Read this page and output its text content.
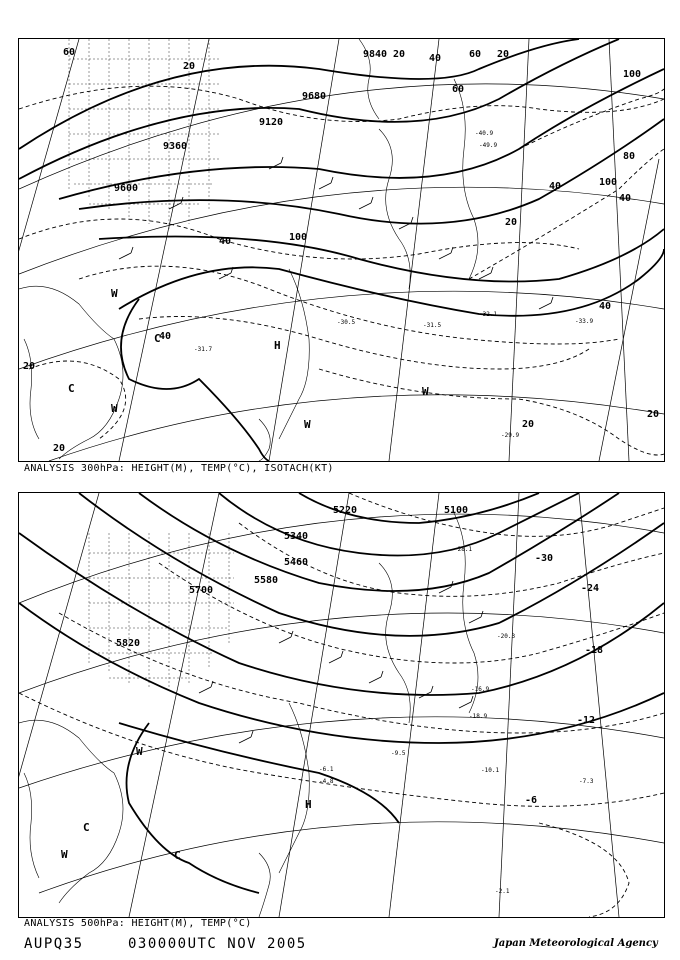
9840
9600
9120
9360
9680
60
20
20 40	60 20
80
100
40
20
40
100
100
40
60
20
20
20
20
40
40
-40.9
-49.9
-32.1
-33.9
-31.5
-30.5
-31.7
-29.9
W
C
C
W
H
W
W
ANALYSIS 300hPa: HEIGHT(M), TEMP(°C), ISOTACH(KT)
5220	5100
5340
5460
5580
5700
5820
-30
-24
-18
-12
-6
-28.1
-20.3
-16.9
-18.9
-10.1
-7.3
-2.1
-9.5
-6.1
-4.8
W
H
C
C
W
ANALYSIS 500hPa: HEIGHT(M), TEMP(°C)
AUPQ35	030000UTC NOV 2005	Japan Meteorological Agency
